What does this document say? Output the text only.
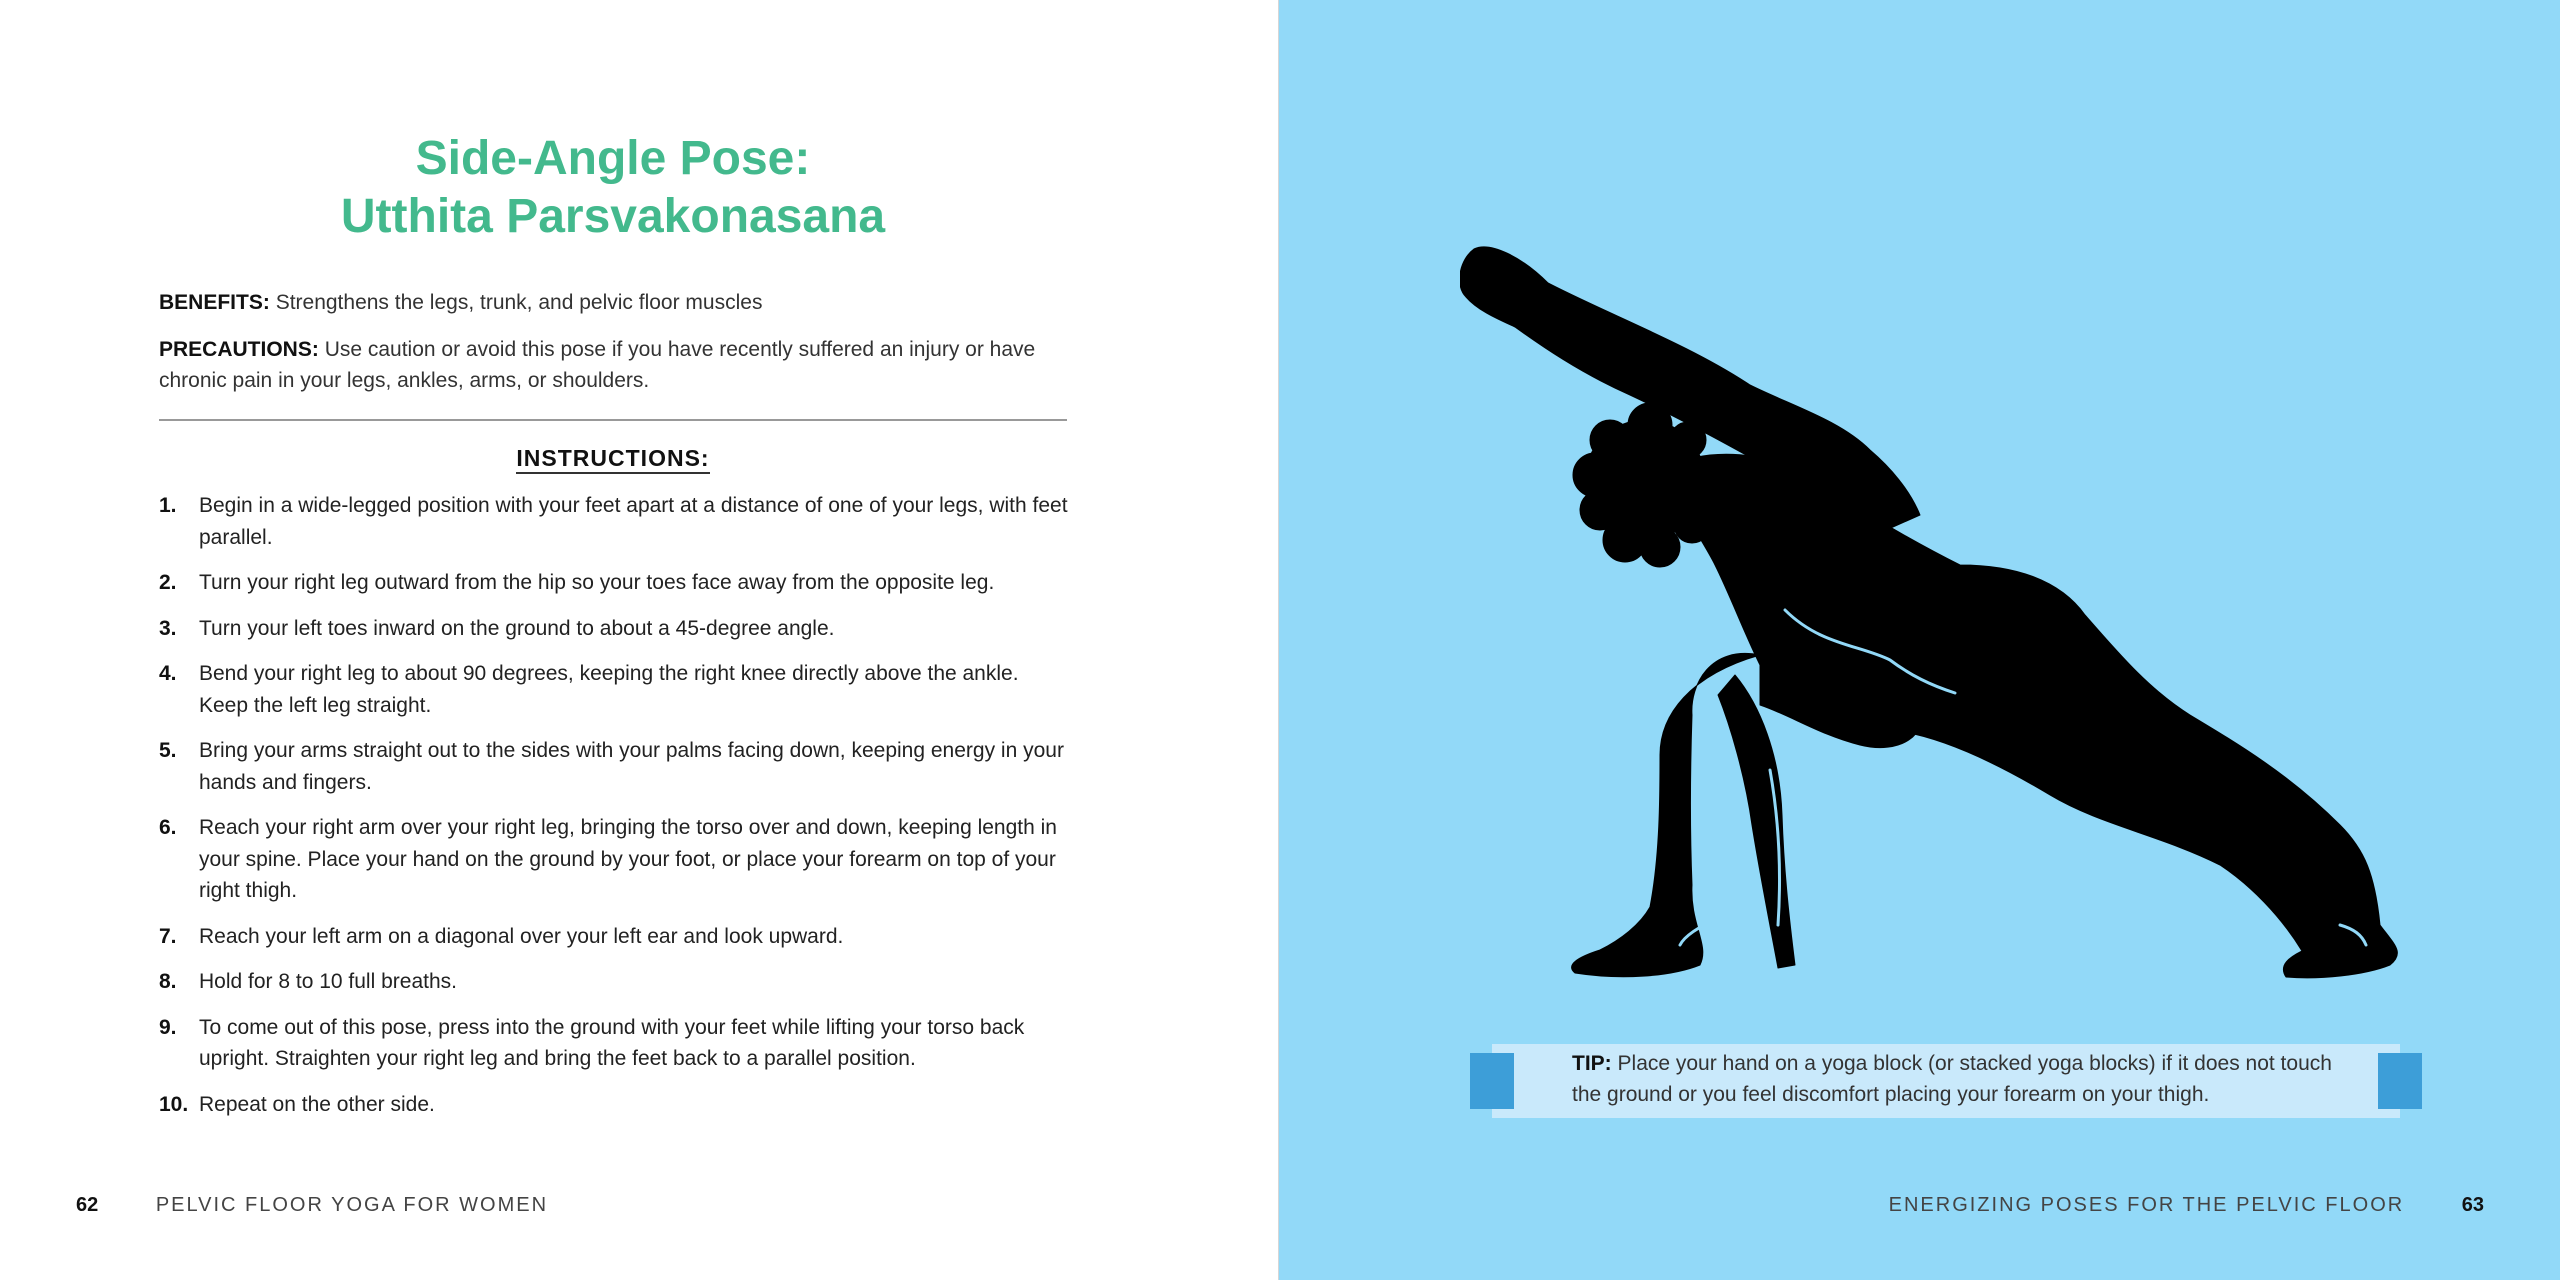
Side-Angle Pose:
Utthita Parsvakonasana

BENEFITS: Strengthens the legs, trunk, and pelvic floor muscles

PRECAUTIONS: Use caution or avoid this pose if you have recently suffered an injury or have chronic pain in your legs, ankles, arms, or shoulders.

INSTRUCTIONS:
1. Begin in a wide-legged position with your feet apart at a distance of one of your legs, with feet parallel.
2. Turn your right leg outward from the hip so your toes face away from the opposite leg.
3. Turn your left toes inward on the ground to about a 45-degree angle.
4. Bend your right leg to about 90 degrees, keeping the right knee directly above the ankle. Keep the left leg straight.
5. Bring your arms straight out to the sides with your palms facing down, keeping energy in your hands and fingers.
6. Reach your right arm over your right leg, bringing the torso over and down, keeping length in your spine. Place your hand on the ground by your foot, or place your forearm on top of your right thigh.
7. Reach your left arm on a diagonal over your left ear and look upward.
8. Hold for 8 to 10 full breaths.
9. To come out of this pose, press into the ground with your feet while lifting your torso back upright. Straighten your right leg and bring the feet back to a parallel position.
10. Repeat on the other side.
62	PELVIC FLOOR YOGA FOR WOMEN

TIP: Place your hand on a yoga block (or stacked yoga blocks) if it does not touch the ground or you feel discomfort placing your forearm on your thigh.

ENERGIZING POSES FOR THE PELVIC FLOOR	63
